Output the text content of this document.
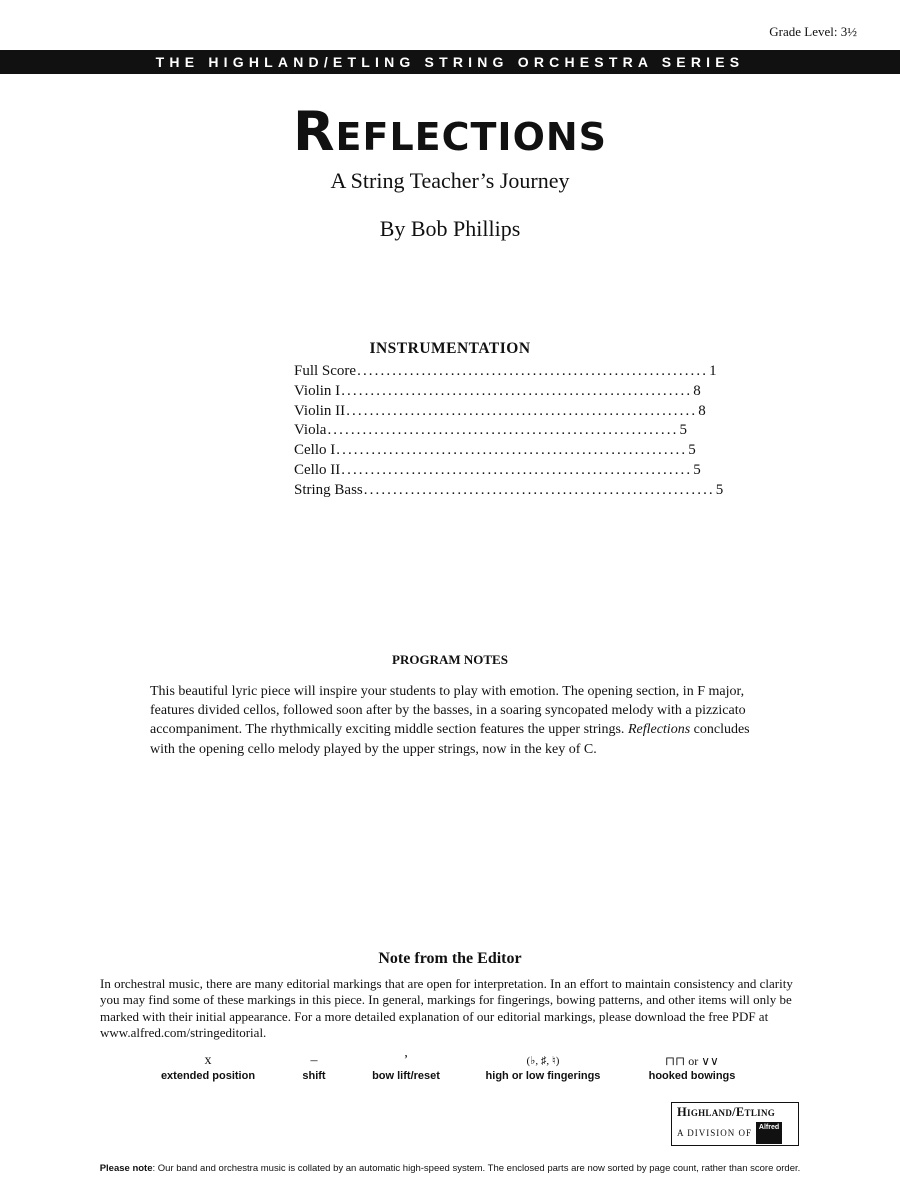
Grade Level: 3½
THE HIGHLAND/ETLING STRING ORCHESTRA SERIES
Reflections
A String Teacher’s Journey
By Bob Phillips
INSTRUMENTATION
Full Score ............................................................ 1
Violin I ............................................................ 8
Violin II ............................................................ 8
Viola ............................................................ 5
Cello I ............................................................ 5
Cello II ............................................................ 5
String Bass ............................................................ 5
PROGRAM NOTES
This beautiful lyric piece will inspire your students to play with emotion. The opening section, in F major, features divided cellos, followed soon after by the basses, in a soaring syncopated melody with a pizzicato accompaniment. The rhythmically exciting middle section features the upper strings. Reflections concludes with the opening cello melody played by the upper strings, now in the key of C.
Note from the Editor
In orchestral music, there are many editorial markings that are open for interpretation. In an effort to maintain consistency and clarity you may find some of these markings in this piece. In general, markings for fingerings, bowing patterns, and other items will only be marked with their initial appearance. For a more detailed explanation of our editorial markings, please download the free PDF at www.alfred.com/stringeditorial.
x
extended position
–
shift
’
bow lift/reset
(♭, ♯, ♮)
high or low fingerings
⊓⊓ or ∨∨
hooked bowings
Highland/Etling
A DIVISION OF
Alfred
Please note: Our band and orchestra music is collated by an automatic high-speed system. The enclosed parts are now sorted by page count, rather than score order.
